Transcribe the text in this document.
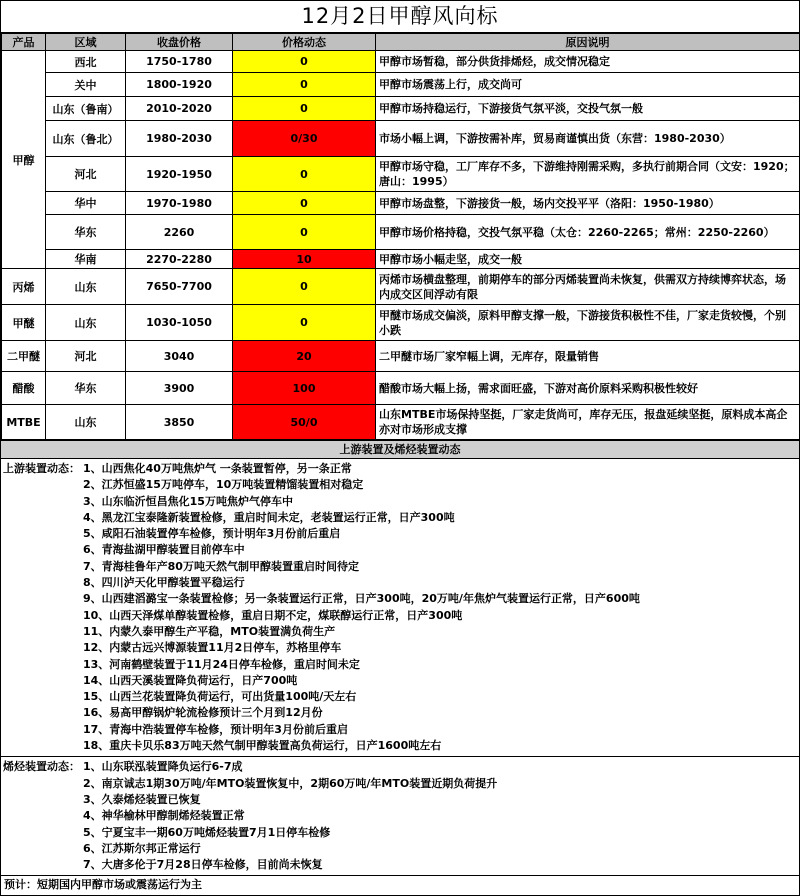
12月2日甲醇风向标
产品	区域	收盘价格	价格动态	原因说明
甲醇	西北	1750-1780	0	甲醇市场暂稳，部分供货排烯烃，成交情况稳定
	关中	1800-1920	0	甲醇市场震荡上行，成交尚可
	山东（鲁南）	2010-2020	0	甲醇市场持稳运行，下游接货气氛平淡，交投气氛一般
	山东（鲁北）	1980-2030	0/30	市场小幅上调，下游按需补库，贸易商谨慎出货（东营：1980-2030）
	河北	1920-1950	0	甲醇市场守稳，工厂库存不多，下游维持刚需采购，多执行前期合同（文安：1920；唐山：1995）
	华中	1970-1980	0	甲醇市场盘整，下游接货一般，场内交投平平（洛阳：1950-1980）
	华东	2260	0	甲醇市场价格持稳，交投气氛平稳（太仓：2260-2265；常州：2250-2260）
	华南	2270-2280	10	甲醇市场小幅走坚，成交一般
丙烯	山东	7650-7700	0	丙烯市场横盘整理，前期停车的部分丙烯装置尚未恢复，供需双方持续博弈状态，场内成交区间浮动有限
甲醚	山东	1030-1050	0	甲醚市场成交偏淡，原料甲醇支撑一般，下游接货积极性不佳，厂家走货较慢，个别小跌
二甲醚	河北	3040	20	二甲醚市场厂家窄幅上调，无库存，限量销售
醋酸	华东	3900	100	醋酸市场大幅上扬，需求面旺盛，下游对高价原料采购积极性较好
MTBE	山东	3850	50/0	山东MTBE市场保持坚挺，厂家走货尚可，库存无压，报盘延续坚挺，原料成本高企亦对市场形成支撑
上游装置及烯烃装置动态
上游装置动态： 1、山西焦化40万吨焦炉气 一条装置暂停，另一条正常
2、江苏恒盛15万吨停车，10万吨装置精馏装置相对稳定
3、山东临沂恒昌焦化15万吨焦炉气停车中
4、黑龙江宝泰隆新装置检修，重启时间未定，老装置运行正常，日产300吨
5、咸阳石油装置停车检修，预计明年3月份前后重启
6、青海盐湖甲醇装置目前停车中
7、青海桂鲁年产80万吨天然气制甲醇装置重启时间待定
8、四川泸天化甲醇装置平稳运行
9、山西建滔潞宝一条装置检修；另一条装置运行正常，日产300吨，20万吨/年焦炉气装置运行正常，日产600吨
10、山西天泽煤单醇装置检修，重启日期不定，煤联醇运行正常，日产300吨
11、内蒙久泰甲醇生产平稳，MTO装置满负荷生产
12、内蒙古远兴博源装置11月2日停车，苏格里停车
13、河南鹤壁装置于11月24日停车检修，重启时间未定
14、山西天溪装置降负荷运行，日产700吨
15、山西兰花装置降负荷运行，可出货量100吨/天左右
16、易高甲醇锅炉轮流检修预计三个月到12月份
17、青海中浩装置停车检修，预计明年3月份前后重启
18、重庆卡贝乐83万吨天然气制甲醇装置高负荷运行，日产1600吨左右
烯烃装置动态： 1、山东联泓装置降负运行6-7成
2、南京诚志1期30万吨/年MTO装置恢复中，2期60万吨/年MTO装置近期负荷提升
3、久泰烯烃装置已恢复
4、神华榆林甲醇制烯烃装置正常
5、宁夏宝丰一期60万吨烯烃装置7月1日停车检修
6、江苏斯尔邦正常运行
7、大唐多伦于7月28日停车检修，目前尚未恢复
预计：短期国内甲醇市场或震荡运行为主
